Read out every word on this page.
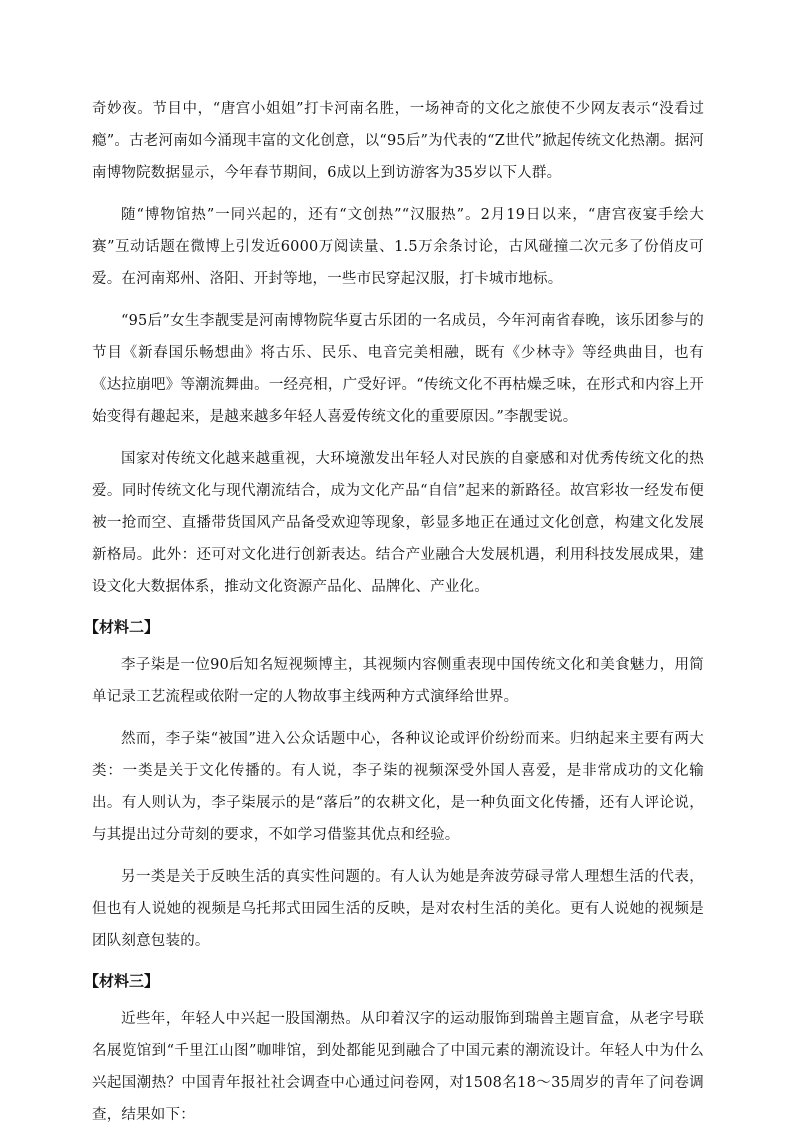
奇妙夜。节目中，“唐宫小姐姐”打卡河南名胜，一场神奇的文化之旅使不少网友表示“没看过瘾”。古老河南如今涌现丰富的文化创意，以“95后”为代表的“Z世代”掀起传统文化热潮。据河南博物院数据显示，今年春节期间，6成以上到访游客为35岁以下人群。

随“博物馆热”一同兴起的，还有“文创热”“汉服热”。2月19日以来，“唐宫夜宴手绘大赛”互动话题在微博上引发近6000万阅读量、1.5万余条讨论，古风碰撞二次元多了份俏皮可爱。在河南郑州、洛阳、开封等地，一些市民穿起汉服，打卡城市地标。

“95后”女生李靓雯是河南博物院华夏古乐团的一名成员，今年河南省春晚，该乐团参与的节目《新春国乐畅想曲》将古乐、民乐、电音完美相融，既有《少林寺》等经典曲目，也有《达拉崩吧》等潮流舞曲。一经亮相，广受好评。“传统文化不再枯燥乏味，在形式和内容上开始变得有趣起来，是越来越多年轻人喜爱传统文化的重要原因。”李靓雯说。

国家对传统文化越来越重视，大环境激发出年轻人对民族的自豪感和对优秀传统文化的热爱。同时传统文化与现代潮流结合，成为文化产品“自信”起来的新路径。故宫彩妆一经发布便被一抢而空、直播带货国风产品备受欢迎等现象，彰显多地正在通过文化创意，构建文化发展新格局。此外：还可对文化进行创新表达。结合产业融合大发展机遇，利用科技发展成果，建设文化大数据体系，推动文化资源产品化、品牌化、产业化。

【材料二】

李子柒是一位90后知名短视频博主，其视频内容侧重表现中国传统文化和美食魅力，用简单记录工艺流程或依附一定的人物故事主线两种方式演绎给世界。

然而，李子柒“被国”进入公众话题中心，各种议论或评价纷纷而来。归纳起来主要有两大类：一类是关于文化传播的。有人说，李子柒的视频深受外国人喜爱，是非常成功的文化输出。有人则认为，李子柒展示的是“落后”的农耕文化，是一种负面文化传播，还有人评论说，与其提出过分苛刻的要求，不如学习借鉴其优点和经验。

另一类是关于反映生活的真实性问题的。有人认为她是奔波劳碌寻常人理想生活的代表，但也有人说她的视频是乌托邦式田园生活的反映，是对农村生活的美化。更有人说她的视频是团队刻意包装的。

【材料三】

近些年，年轻人中兴起一股国潮热。从印着汉字的运动服饰到瑞兽主题盲盒，从老字号联名展览馆到“千里江山图”咖啡馆，到处都能见到融合了中国元素的潮流设计。年轻人中为什么兴起国潮热？中国青年报社社会调查中心通过问卷网，对1508名18～35周岁的青年了问卷调查，结果如下：
